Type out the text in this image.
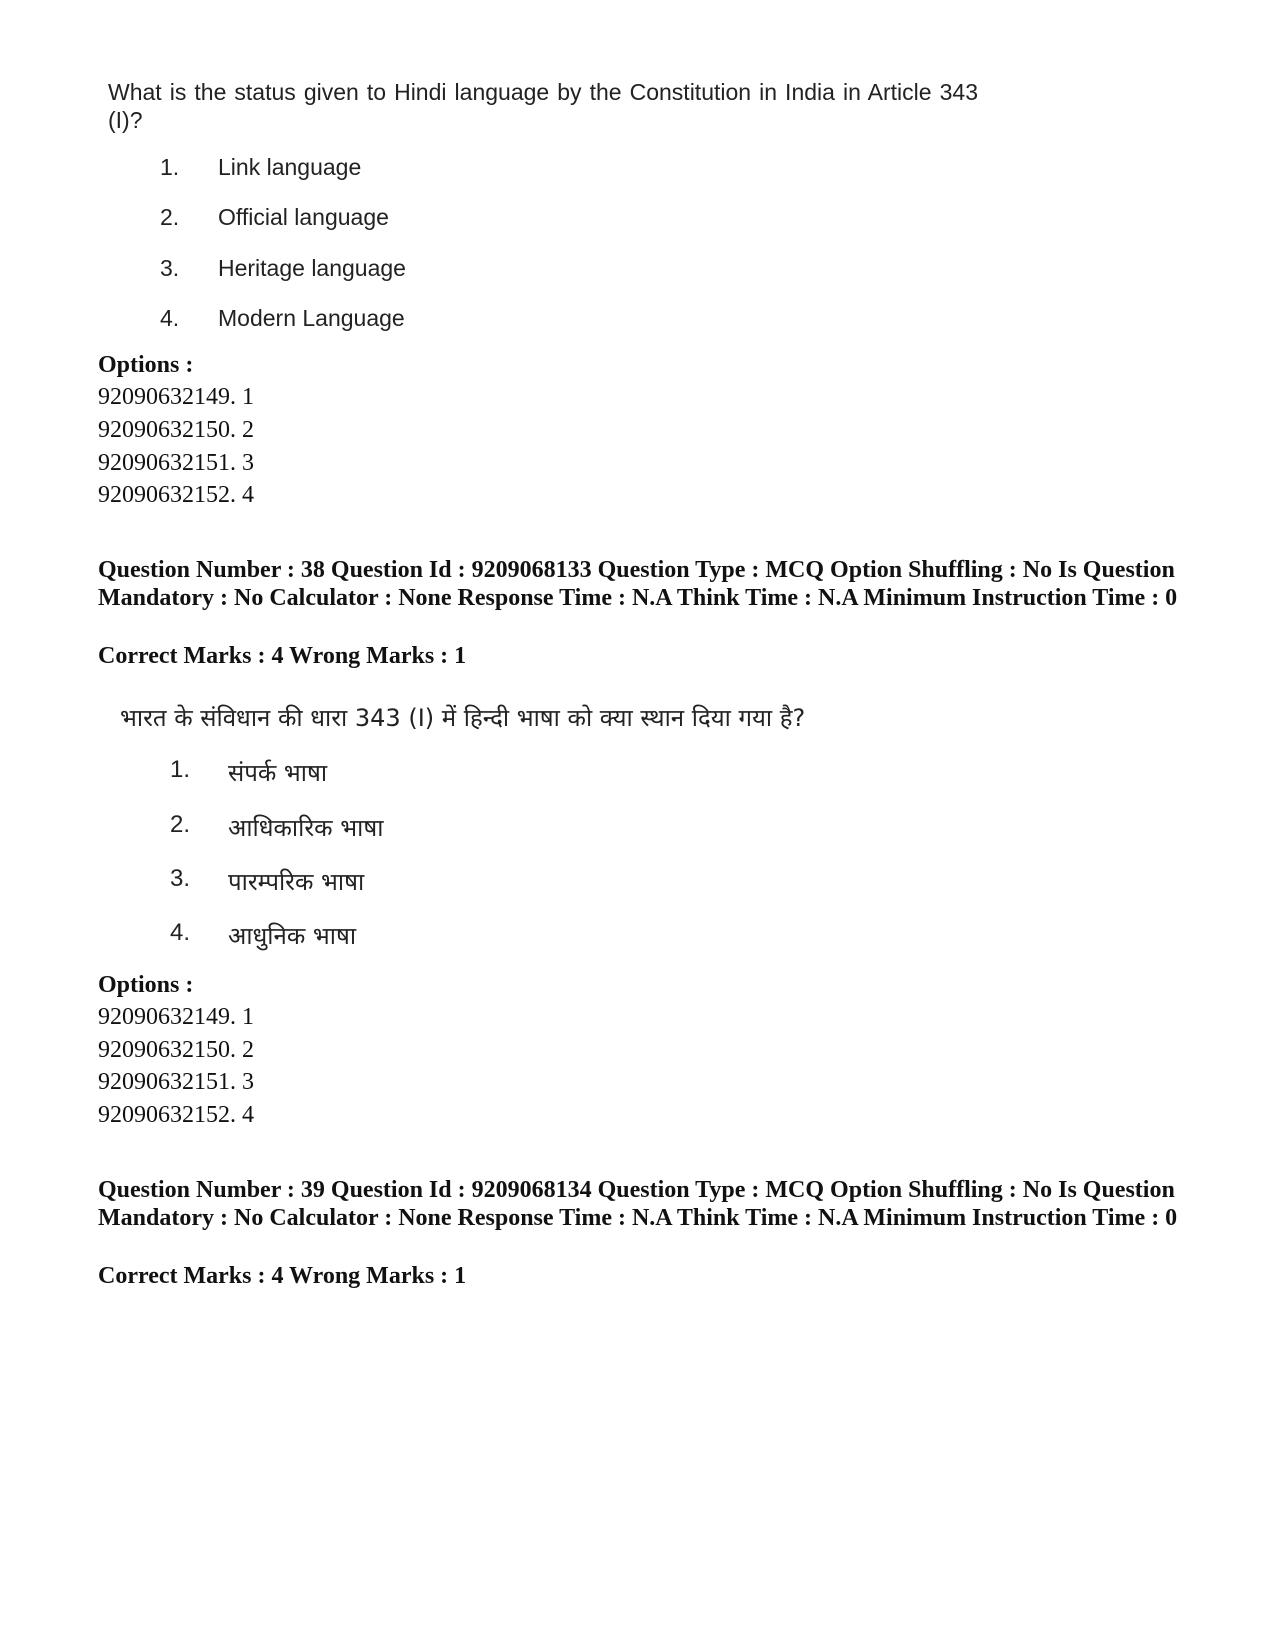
What is the status given to Hindi language by the Constitution in India in Article 343 (I)?
1.	Link language
2.	Official language
3.	Heritage language
4.	Modern Language
Options :
92090632149. 1
92090632150. 2
92090632151. 3
92090632152. 4
Question Number : 38 Question Id : 9209068133 Question Type : MCQ Option Shuffling : No Is Question Mandatory : No Calculator : None Response Time : N.A Think Time : N.A Minimum Instruction Time : 0
Correct Marks : 4 Wrong Marks : 1
भारत के संविधान की धारा 343 (I) में हिन्दी भाषा को क्या स्थान दिया गया है?
1.	संपर्क भाषा
2.	आधिकारिक भाषा
3.	पारम्परिक भाषा
4.	आधुनिक भाषा
Options :
92090632149. 1
92090632150. 2
92090632151. 3
92090632152. 4
Question Number : 39 Question Id : 9209068134 Question Type : MCQ Option Shuffling : No Is Question Mandatory : No Calculator : None Response Time : N.A Think Time : N.A Minimum Instruction Time : 0
Correct Marks : 4 Wrong Marks : 1
